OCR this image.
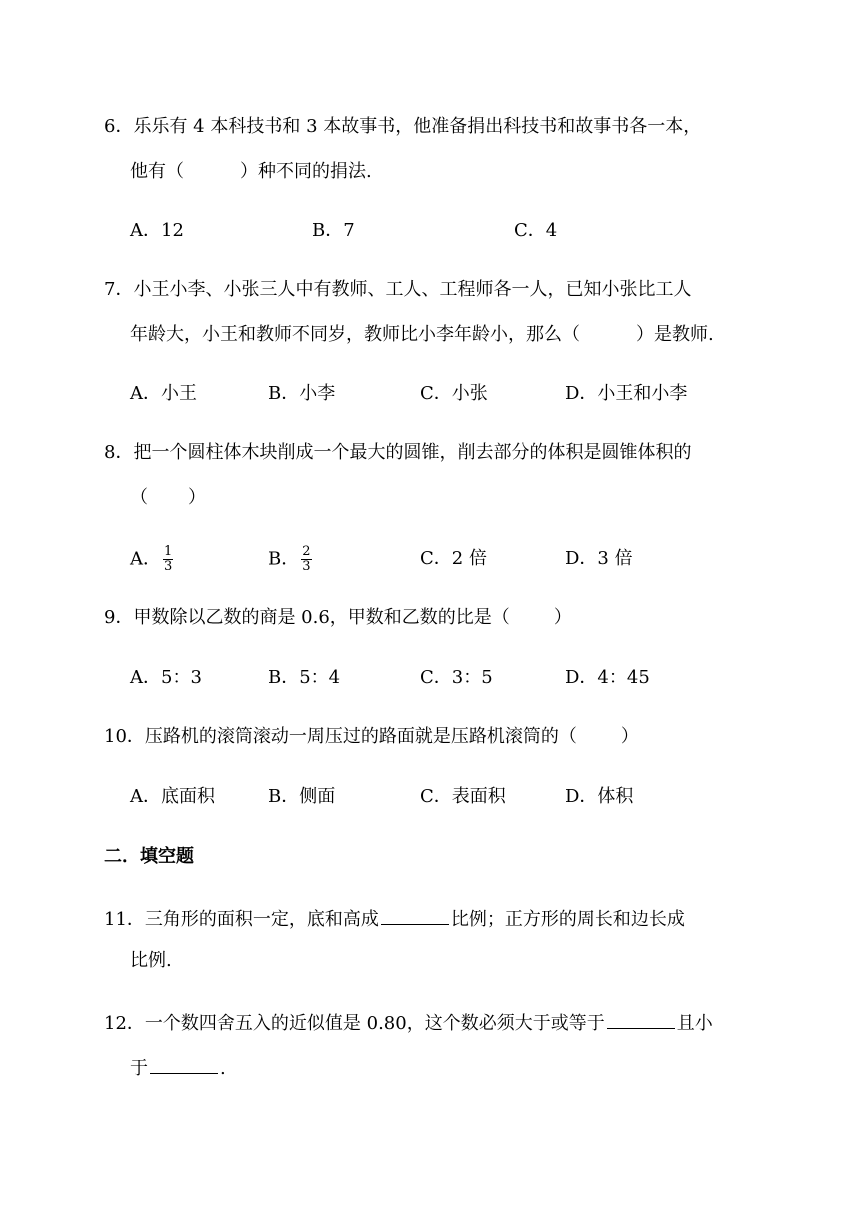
6．乐乐有 4 本科技书和 3 本故事书，他准备捐出科技书和故事书各一本，
他有（	）种不同的捐法.
A．12	B．7	C．4
7．小王小李、小张三人中有教师、工人、工程师各一人，已知小张比工人
年龄大，小王和教师不同岁，教师比小李年龄小，那么（	）是教师.
A．小王	B．小李	C．小张	D．小王和小李
8．把一个圆柱体木块削成一个最大的圆锥，削去部分的体积是圆锥体积的
（ ）
A． $\frac{1}{3}$	B． $\frac{2}{3}$	C．2 倍	D．3 倍
9．甲数除以乙数的商是 0.6，甲数和乙数的比是（ ）
A．5：3	B．5：4	C．3：5	D．4：45
10．压路机的滚筒滚动一周压过的路面就是压路机滚筒的（ ）
A．底面积	B．侧面	C．表面积	D．体积
二．填空题
11．三角形的面积一定，底和高成	比例；正方形的周长和边长成
比例.
12．一个数四舍五入的近似值是 0.80，这个数必须大于或等于	且小
于	.
